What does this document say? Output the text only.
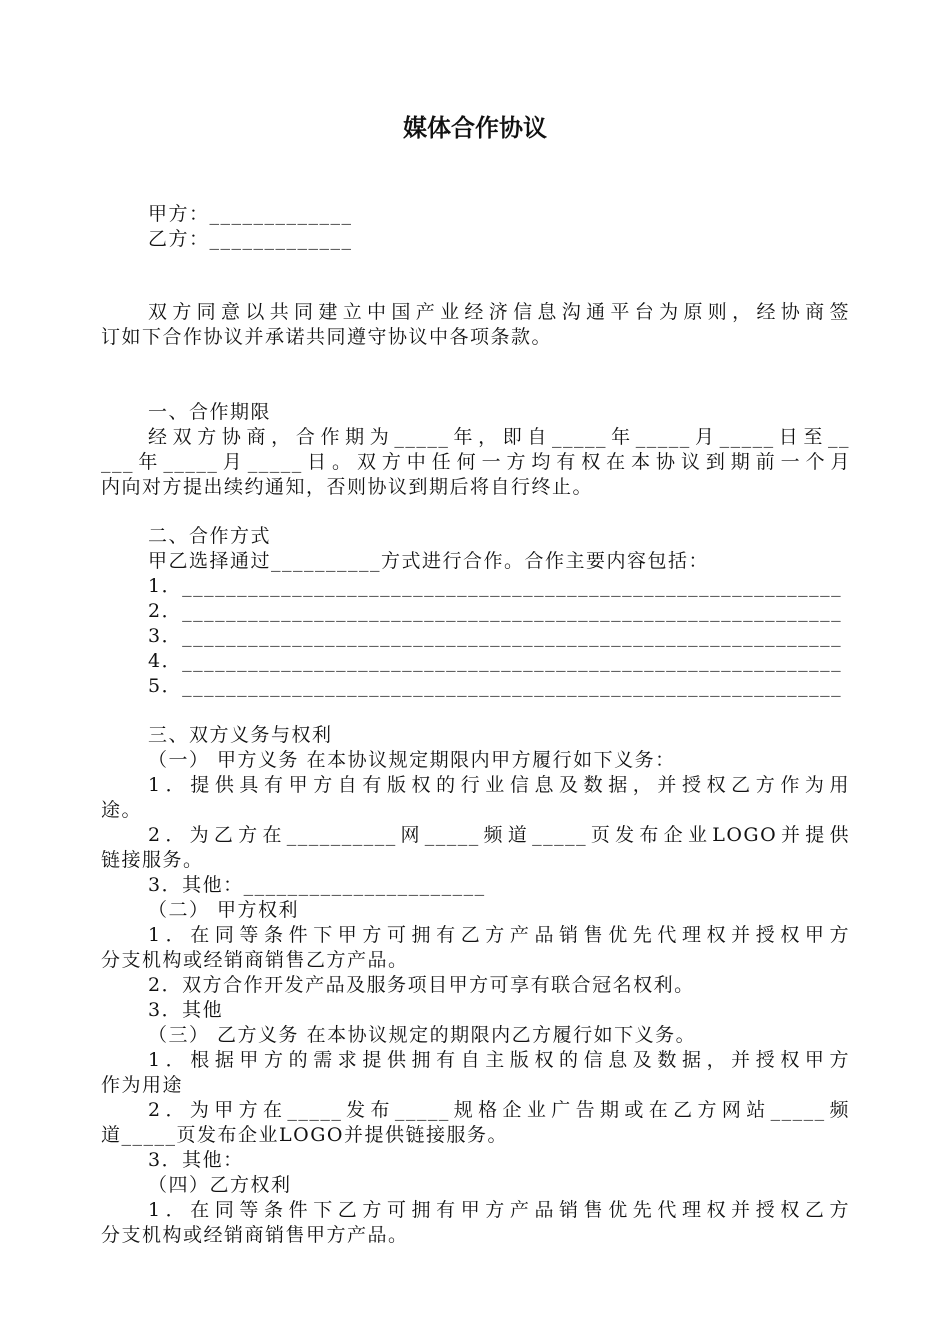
媒体合作协议
甲方：_____________
乙方：_____________
双方同意以共同建立中国产业经济信息沟通平台为原则，经协商签
订如下合作协议并承诺共同遵守协议中各项条款。
一、合作期限
经双方协商，合作期为_____年，即自_____年_____月_____日至__
___年_____月_____日。双方中任何一方均有权在本协议到期前一个月
内向对方提出续约通知，否则协议到期后将自行终止。
二、合作方式
甲乙选择通过__________方式进行合作。合作主要内容包括：
1．____________________________________________________________
2．____________________________________________________________
3．____________________________________________________________
4．____________________________________________________________
5．____________________________________________________________
三、双方义务与权利
（一） 甲方义务 在本协议规定期限内甲方履行如下义务：
1．提供具有甲方自有版权的行业信息及数据，并授权乙方作为用
途。
2．为乙方在__________网_____频道_____页发布企业LOGO并提供
链接服务。
3．其他：______________________
（二） 甲方权利
1．在同等条件下甲方可拥有乙方产品销售优先代理权并授权甲方
分支机构或经销商销售乙方产品。
2．双方合作开发产品及服务项目甲方可享有联合冠名权利。
3．其他
（三） 乙方义务 在本协议规定的期限内乙方履行如下义务。
1．根据甲方的需求提供拥有自主版权的信息及数据，并授权甲方
作为用途
2．为甲方在_____发布_____规格企业广告期或在乙方网站_____频
道_____页发布企业LOGO并提供链接服务。
3．其他：
（四）乙方权利
1．在同等条件下乙方可拥有甲方产品销售优先代理权并授权乙方
分支机构或经销商销售甲方产品。
